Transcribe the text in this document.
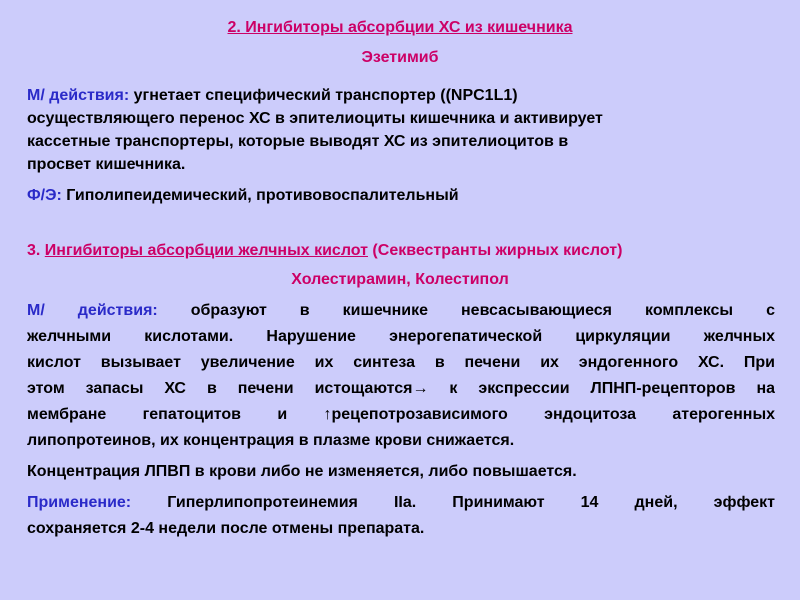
2. Ингибиторы абсорбции ХС из кишечника
Эзетимиб
М/ действия: угнетает специфический транспортер ((NPC1L1)
осуществляющего перенос ХС в эпителиоциты кишечника и активирует
кассетные транспортеры, которые выводят ХС из эпителиоцитов в
просвет кишечника.
Ф/Э: Гиполипеидемический, противовоспалительный
3. Ингибиторы абсорбции желчных кислот (Секвестранты жирных кислот)
Холестирамин, Колестипол
М/ действия: образуют в кишечнике невсасывающиеся комплексы с
желчными кислотами. Нарушение энерогепатической циркуляции желчных
кислот вызывает увеличение их синтеза в печени их эндогенного ХС. При
этом запасы ХС в печени истощаются→ к экспрессии ЛПНП-рецепторов на
мембране гепатоцитов и ↑рецепотрозависимого эндоцитоза атерогенных
липопротеинов, их концентрация в плазме крови снижается.
Концентрация ЛПВП в крови либо не изменяется, либо повышается.
Применение: Гиперлипопротеинемия IIa. Принимают 14 дней, эффект
сохраняется 2-4 недели после отмены препарата.
